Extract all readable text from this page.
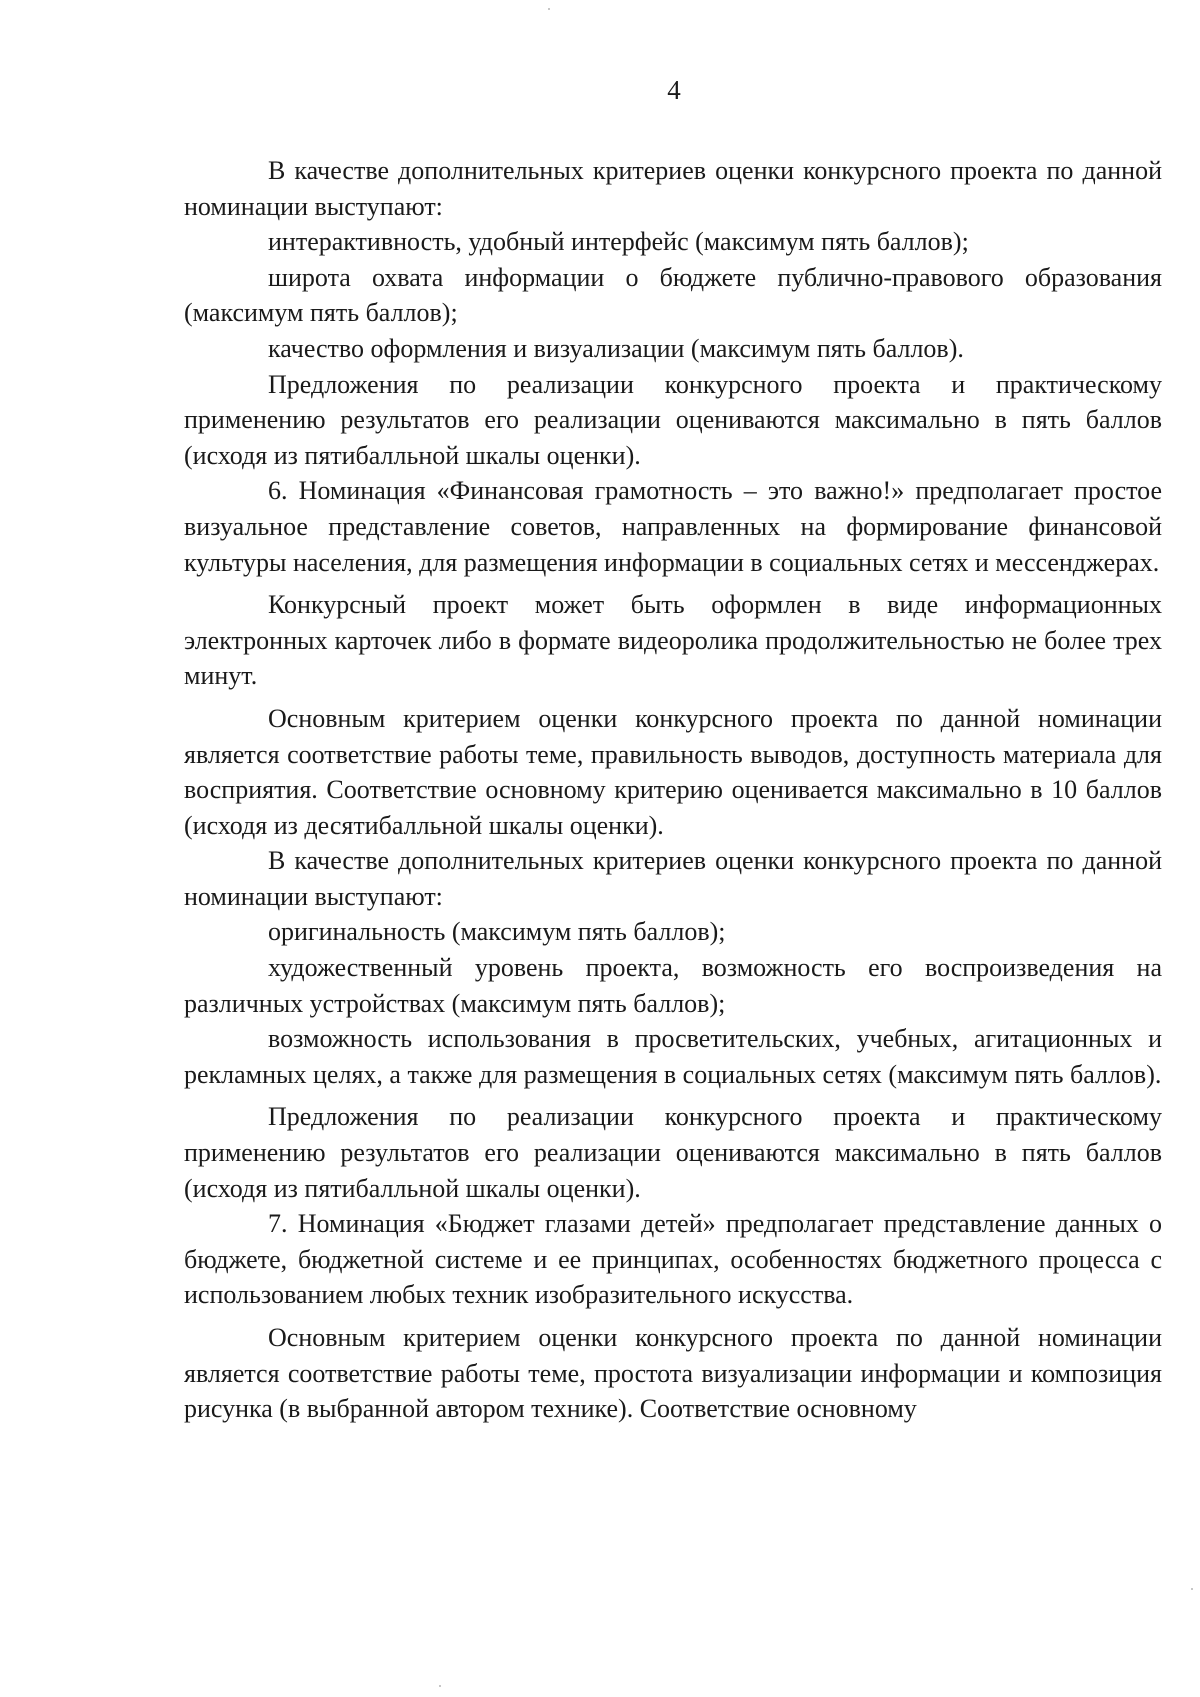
4

В качестве дополнительных критериев оценки конкурсного проекта по данной номинации выступают:

интерактивность, удобный интерфейс (максимум пять баллов);

широта охвата информации о бюджете публично-правового образования (максимум пять баллов);

качество оформления и визуализации (максимум пять баллов).

Предложения по реализации конкурсного проекта и практическому применению результатов его реализации оцениваются максимально в пять баллов (исходя из пятибалльной шкалы оценки).

6. Номинация «Финансовая грамотность – это важно!» предполагает простое визуальное представление советов, направленных на формирование финансовой культуры населения, для размещения информации в социальных сетях и мессенджерах.

Конкурсный проект может быть оформлен в виде информационных электронных карточек либо в формате видеоролика продолжительностью не более трех минут.

Основным критерием оценки конкурсного проекта по данной номинации является соответствие работы теме, правильность выводов, доступность материала для восприятия. Соответствие основному критерию оценивается максимально в 10 баллов (исходя из десятибалльной шкалы оценки).

В качестве дополнительных критериев оценки конкурсного проекта по данной номинации выступают:

оригинальность (максимум пять баллов);

художественный уровень проекта, возможность его воспроизведения на различных устройствах (максимум пять баллов);

возможность использования в просветительских, учебных, агитационных и рекламных целях, а также для размещения в социальных сетях (максимум пять баллов).

Предложения по реализации конкурсного проекта и практическому применению результатов его реализации оцениваются максимально в пять баллов (исходя из пятибалльной шкалы оценки).

7. Номинация «Бюджет глазами детей» предполагает представление данных о бюджете, бюджетной системе и ее принципах, особенностях бюджетного процесса с использованием любых техник изобразительного искусства.

Основным критерием оценки конкурсного проекта по данной номинации является соответствие работы теме, простота визуализации информации и композиция рисунка (в выбранной автором технике). Соответствие основному
